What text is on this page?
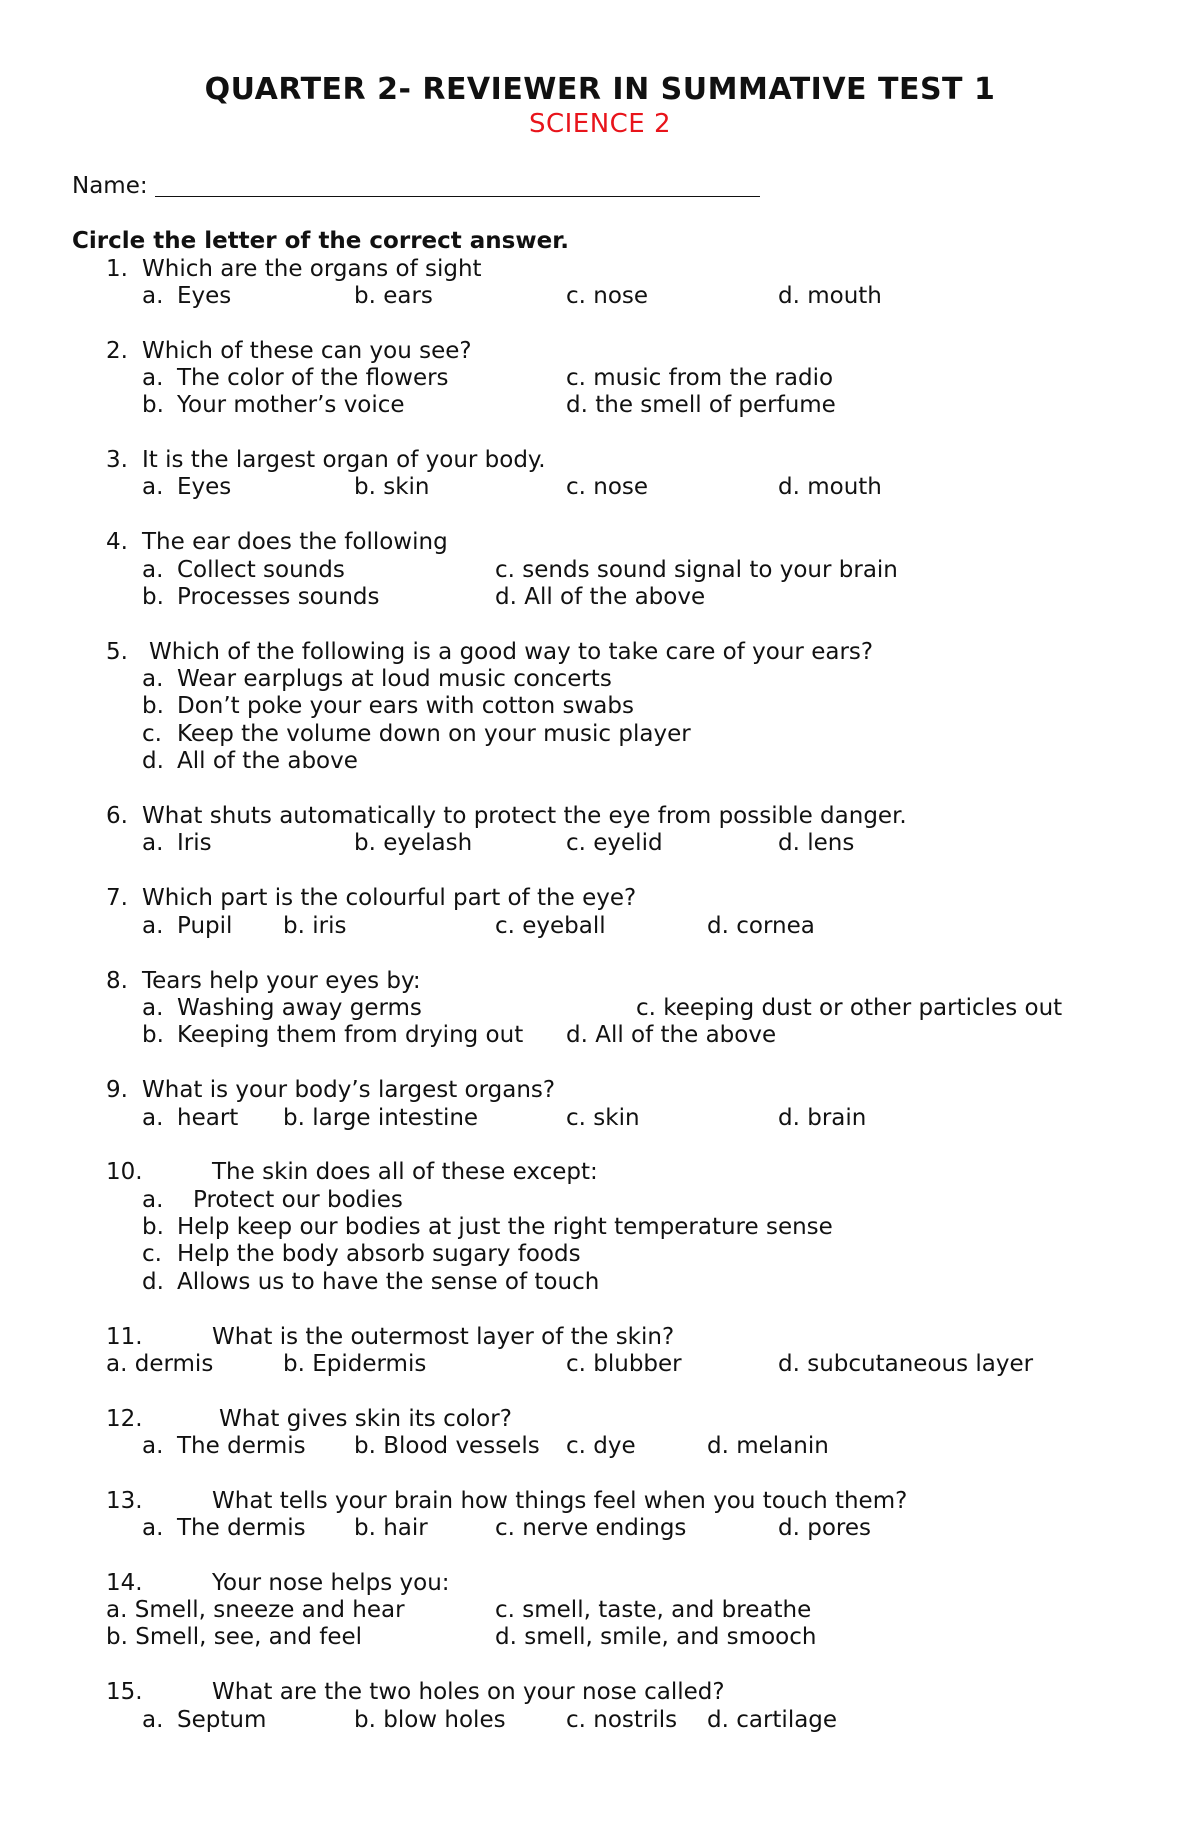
QUARTER 2- REVIEWER IN SUMMATIVE TEST 1
SCIENCE 2
Name:
Circle the letter of the correct answer.
1. Which are the organs of sight
a. Eyes	b. ears	c. nose	d. mouth
2. Which of these can you see?
a. The color of the flowers	c. music from the radio
b. Your mother’s voice	d. the smell of perfume
3. It is the largest organ of your body.
a. Eyes	b. skin	c. nose	d. mouth
4. The ear does the following
a. Collect sounds	c. sends sound signal to your brain
b. Processes sounds	d. All of the above
5. Which of the following is a good way to take care of your ears?
a. Wear earplugs at loud music concerts
b. Don’t poke your ears with cotton swabs
c. Keep the volume down on your music player
d. All of the above
6. What shuts automatically to protect the eye from possible danger.
a. Iris	b. eyelash	c. eyelid	d. lens
7. Which part is the colourful part of the eye?
a. Pupil b. iris	c. eyeball	d. cornea
8. Tears help your eyes by:
a. Washing away germs	c. keeping dust or other particles out
b. Keeping them from drying out d. All of the above
9. What is your body’s largest organs?
a. heart b. large intestine	c. skin	d. brain
10.	The skin does all of these except:
a. Protect our bodies
b. Help keep our bodies at just the right temperature sense
c. Help the body absorb sugary foods
d. Allows us to have the sense of touch
11.	What is the outermost layer of the skin?
a. dermis	b. Epidermis	c. blubber	d. subcutaneous layer
12.	What gives skin its color?
a. The dermis b. Blood vessels c. dye	d. melanin
13.	What tells your brain how things feel when you touch them?
a. The dermis b. hair	c. nerve endings	d. pores
14.	Your nose helps you:
a. Smell, sneeze and hear	c. smell, taste, and breathe
b. Smell, see, and feel	d. smell, smile, and smooch
15.	What are the two holes on your nose called?
a. Septum	b. blow holes	c. nostrils d. cartilage
